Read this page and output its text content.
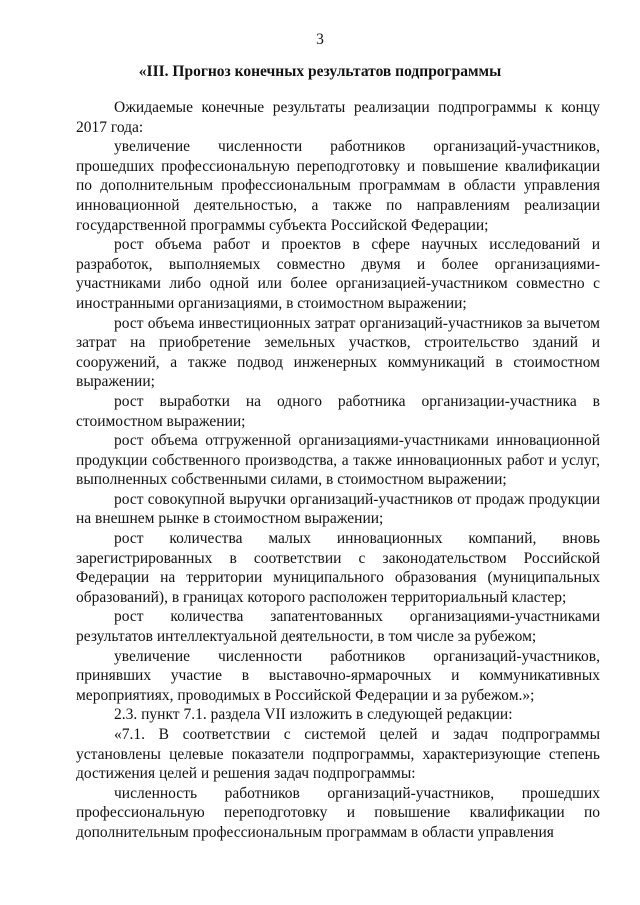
3
«III. Прогноз конечных результатов подпрограммы

Ожидаемые конечные результаты реализации подпрограммы к концу 2017 года:

увеличение численности работников организаций-участников, прошедших профессиональную переподготовку и повышение квалификации по дополнительным профессиональным программам в области управления инновационной деятельностью, а также по направлениям реализации государственной программы субъекта Российской Федерации;

рост объема работ и проектов в сфере научных исследований и разработок, выполняемых совместно двумя и более организациями-участниками либо одной или более организацией-участником совместно с иностранными организациями, в стоимостном выражении;

рост объема инвестиционных затрат организаций-участников за вычетом затрат на приобретение земельных участков, строительство зданий и сооружений, а также подвод инженерных коммуникаций в стоимостном выражении;

рост выработки на одного работника организации-участника в стоимостном выражении;

рост объема отгруженной организациями-участниками инновационной продукции собственного производства, а также инновационных работ и услуг, выполненных собственными силами, в стоимостном выражении;

рост совокупной выручки организаций-участников от продаж продукции на внешнем рынке в стоимостном выражении;

рост количества малых инновационных компаний, вновь зарегистрированных в соответствии с законодательством Российской Федерации на территории муниципального образования (муниципальных образований), в границах которого расположен территориальный кластер;

рост количества запатентованных организациями-участниками результатов интеллектуальной деятельности, в том числе за рубежом;

увеличение численности работников организаций-участников, принявших участие в выставочно-ярмарочных и коммуникативных мероприятиях, проводимых в Российской Федерации и за рубежом.»;

2.3. пункт 7.1. раздела VII изложить в следующей редакции:

«7.1. В соответствии с системой целей и задач подпрограммы установлены целевые показатели подпрограммы, характеризующие степень достижения целей и решения задач подпрограммы:

численность работников организаций-участников, прошедших профессиональную переподготовку и повышение квалификации по дополнительным профессиональным программам в области управления
